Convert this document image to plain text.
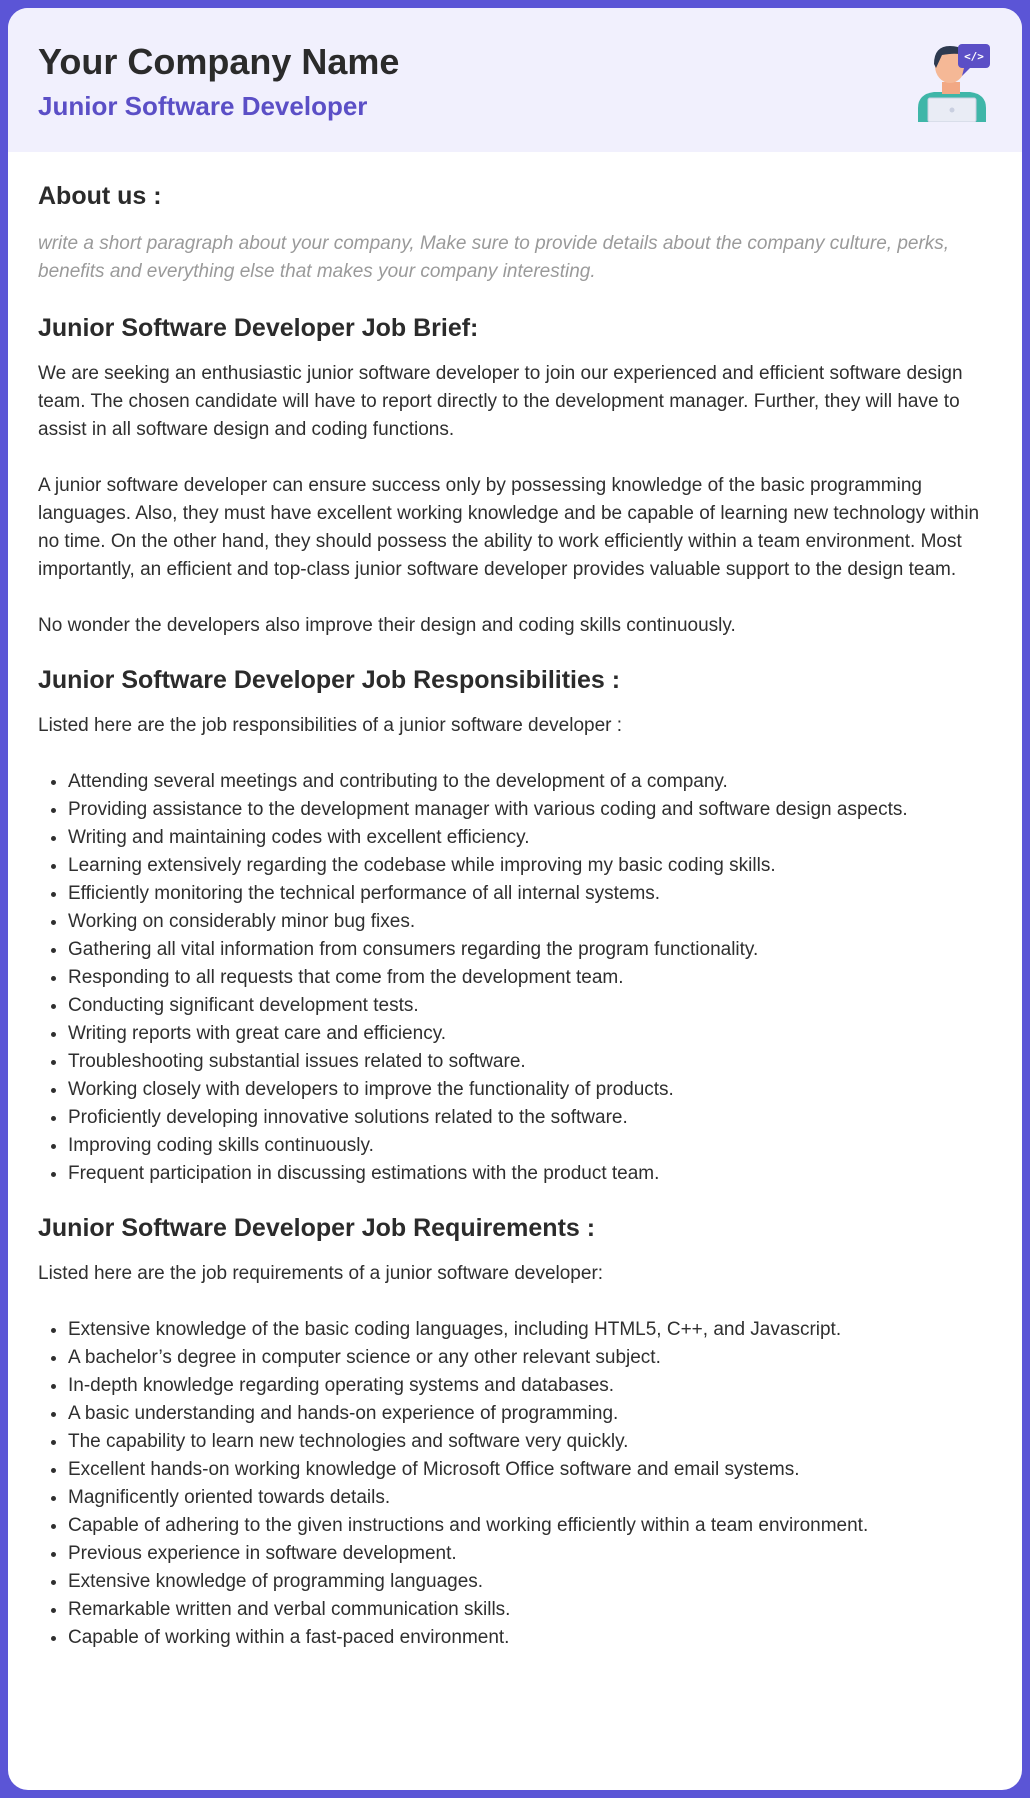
Your Company Name
Junior Software Developer
</>
About us :

write a short paragraph about your company, Make sure to provide details about the company culture, perks, benefits and everything else that makes your company interesting.

Junior Software Developer Job Brief:

We are seeking an enthusiastic junior software developer to join our experienced and efficient software design team. The chosen candidate will have to report directly to the development manager. Further, they will have to assist in all software design and coding functions.

A junior software developer can ensure success only by possessing knowledge of the basic programming languages. Also, they must have excellent working knowledge and be capable of learning new technology within no time. On the other hand, they should possess the ability to work efficiently within a team environment. Most importantly, an efficient and top-class junior software developer provides valuable support to the design team.

No wonder the developers also improve their design and coding skills continuously.

Junior Software Developer Job Responsibilities :

Listed here are the job responsibilities of a junior software developer :

• Attending several meetings and contributing to the development of a company.
• Providing assistance to the development manager with various coding and software design aspects.
• Writing and maintaining codes with excellent efficiency.
• Learning extensively regarding the codebase while improving my basic coding skills.
• Efficiently monitoring the technical performance of all internal systems.
• Working on considerably minor bug fixes.
• Gathering all vital information from consumers regarding the program functionality.
• Responding to all requests that come from the development team.
• Conducting significant development tests.
• Writing reports with great care and efficiency.
• Troubleshooting substantial issues related to software.
• Working closely with developers to improve the functionality of products.
• Proficiently developing innovative solutions related to the software.
• Improving coding skills continuously.
• Frequent participation in discussing estimations with the product team.
Junior Software Developer Job Requirements :

Listed here are the job requirements of a junior software developer:

• Extensive knowledge of the basic coding languages, including HTML5, C++, and Javascript.
• A bachelor’s degree in computer science or any other relevant subject.
• In-depth knowledge regarding operating systems and databases.
• A basic understanding and hands-on experience of programming.
• The capability to learn new technologies and software very quickly.
• Excellent hands-on working knowledge of Microsoft Office software and email systems.
• Magnificently oriented towards details.
• Capable of adhering to the given instructions and working efficiently within a team environment.
• Previous experience in software development.
• Extensive knowledge of programming languages.
• Remarkable written and verbal communication skills.
• Capable of working within a fast-paced environment.
